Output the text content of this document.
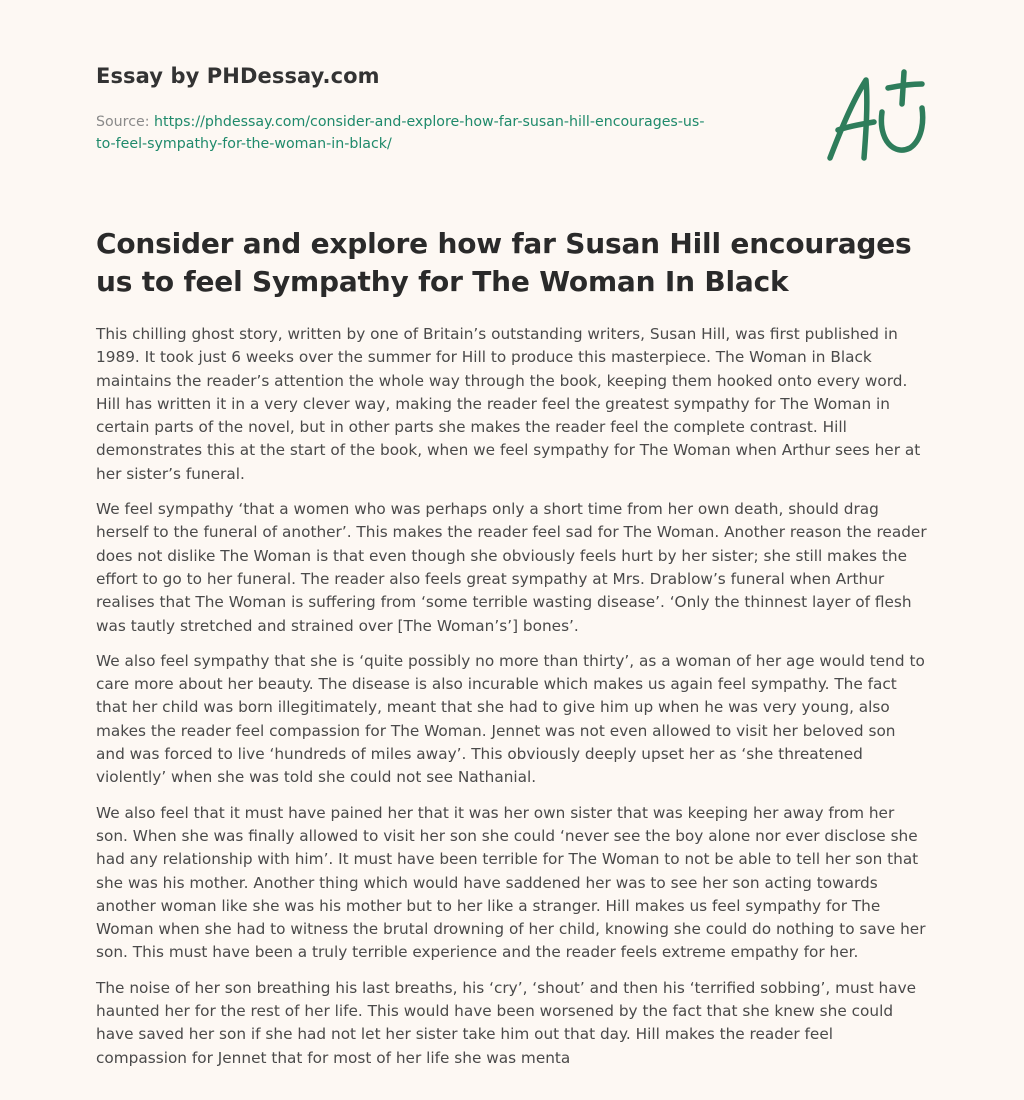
Essay by PHDessay.com

Source: https://phdessay.com/consider-and-explore-how-far-susan-hill-encourages-us-
to-feel-sympathy-for-the-woman-in-black/

Consider and explore how far Susan Hill encourages us to feel Sympathy for The Woman In Black

This chilling ghost story, written by one of Britain’s outstanding writers, Susan Hill, was first published in 1989. It took just 6 weeks over the summer for Hill to produce this masterpiece. The Woman in Black maintains the reader’s attention the whole way through the book, keeping them hooked onto every word. Hill has written it in a very clever way, making the reader feel the greatest sympathy for The Woman in certain parts of the novel, but in other parts she makes the reader feel the complete contrast. Hill demonstrates this at the start of the book, when we feel sympathy for The Woman when Arthur sees her at her sister’s funeral.

We feel sympathy ‘that a women who was perhaps only a short time from her own death, should drag herself to the funeral of another’. This makes the reader feel sad for The Woman. Another reason the reader does not dislike The Woman is that even though she obviously feels hurt by her sister; she still makes the effort to go to her funeral. The reader also feels great sympathy at Mrs. Drablow’s funeral when Arthur realises that The Woman is suffering from ‘some terrible wasting disease’. ‘Only the thinnest layer of flesh was tautly stretched and strained over [The Woman’s’] bones’.

We also feel sympathy that she is ‘quite possibly no more than thirty’, as a woman of her age would tend to care more about her beauty. The disease is also incurable which makes us again feel sympathy. The fact that her child was born illegitimately, meant that she had to give him up when he was very young, also makes the reader feel compassion for The Woman. Jennet was not even allowed to visit her beloved son and was forced to live ‘hundreds of miles away’. This obviously deeply upset her as ‘she threatened violently’ when she was told she could not see Nathanial.

We also feel that it must have pained her that it was her own sister that was keeping her away from her son. When she was finally allowed to visit her son she could ‘never see the boy alone nor ever disclose she had any relationship with him’. It must have been terrible for The Woman to not be able to tell her son that she was his mother. Another thing which would have saddened her was to see her son acting towards another woman like she was his mother but to her like a stranger. Hill makes us feel sympathy for The Woman when she had to witness the brutal drowning of her child, knowing she could do nothing to save her son. This must have been a truly terrible experience and the reader feels extreme empathy for her.

The noise of her son breathing his last breaths, his ‘cry’, ‘shout’ and then his ‘terrified sobbing’, must have haunted her for the rest of her life. This would have been worsened by the fact that she knew she could have saved her son if she had not let her sister take him out that day. Hill makes the reader feel compassion for Jennet that for most of her life she was menta
